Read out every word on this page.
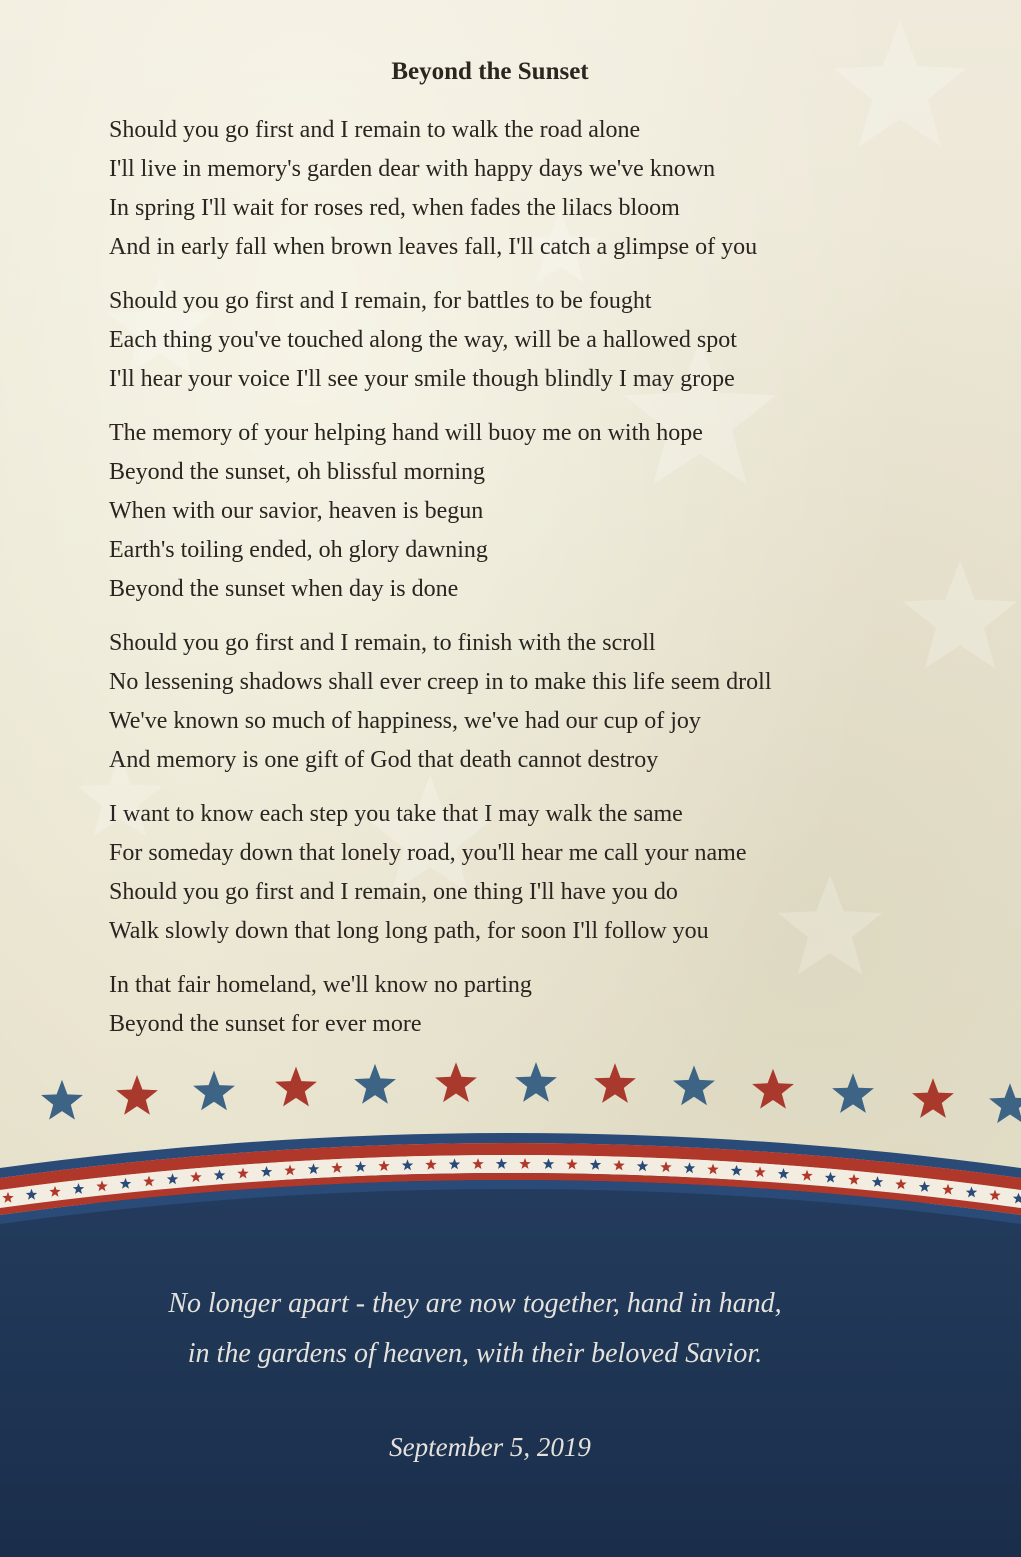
Beyond the Sunset
Should you go first and I remain to walk the road alone
I'll live in memory's garden dear with happy days we've known
In spring I'll wait for roses red, when fades the lilacs bloom
And in early fall when brown leaves fall, I'll catch a glimpse of you
Should you go first and I remain, for battles to be fought
Each thing you've touched along the way, will be a hallowed spot
I'll hear your voice I'll see your smile though blindly I may grope
The memory of your helping hand will buoy me on with hope
Beyond the sunset, oh blissful morning
When with our savior, heaven is begun
Earth's toiling ended, oh glory dawning
Beyond the sunset when day is done
Should you go first and I remain, to finish with the scroll
No lessening shadows shall ever creep in to make this life seem droll
We've known so much of happiness, we've had our cup of joy
And memory is one gift of God that death cannot destroy
I want to know each step you take that I may walk the same
For someday down that lonely road, you'll hear me call your name
Should you go first and I remain, one thing I'll have you do
Walk slowly down that long long path, for soon I'll follow you
In that fair homeland, we'll know no parting
Beyond the sunset for ever more
No longer apart - they are now together, hand in hand,
in the gardens of heaven, with their beloved Savior.
September 5, 2019
